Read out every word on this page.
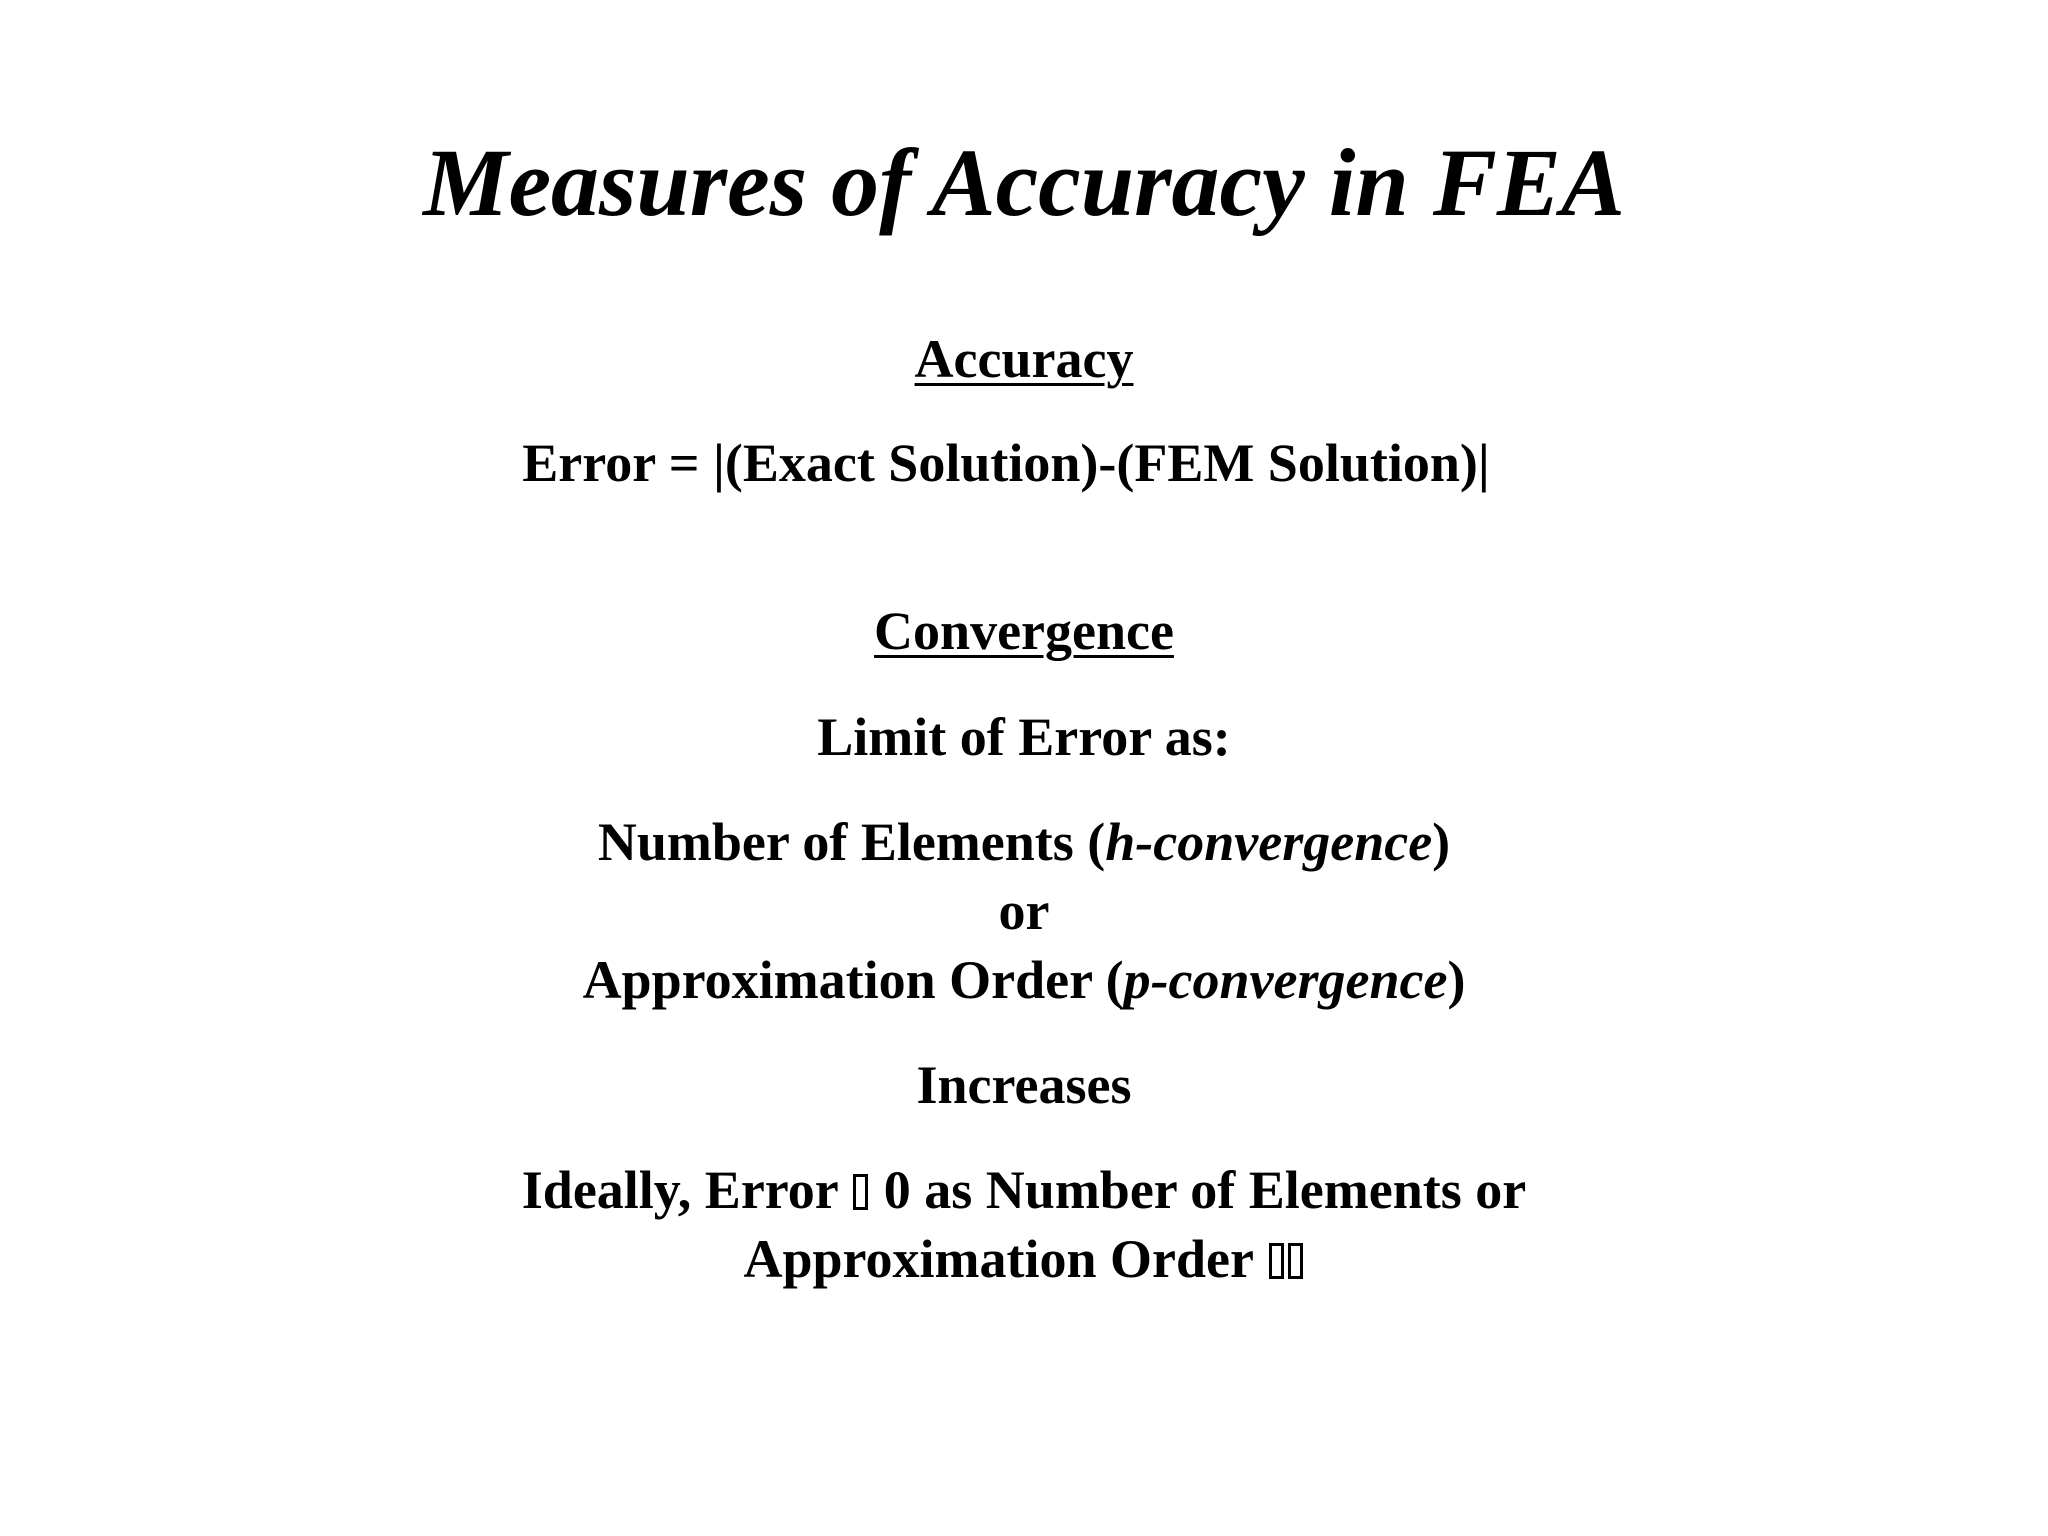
Measures of Accuracy in FEA
Accuracy
Error = |(Exact Solution)-(FEM Solution)|
Convergence
Limit of Error as:
Number of Elements (h-convergence)
or
Approximation Order (p-convergence)
Increases
Ideally, Error 0 as Number of Elements or
Approximation Order
